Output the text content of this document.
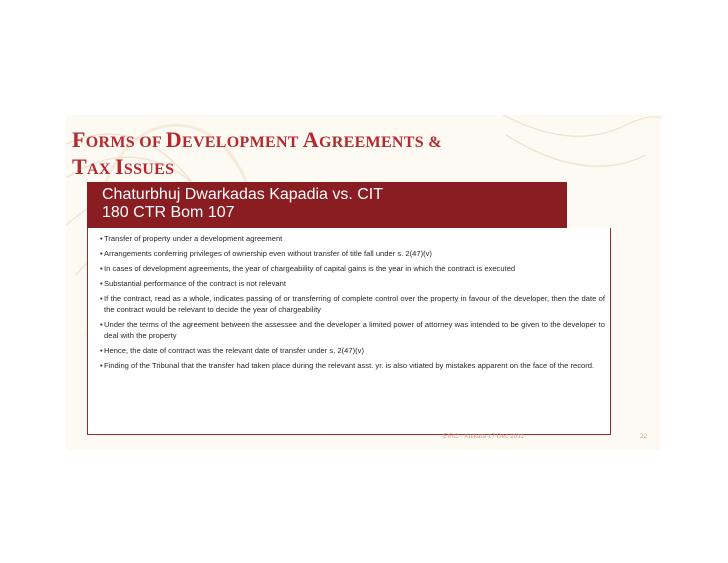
FORMS OF DEVELOPMENT AGREEMENTS &
TAX ISSUES
Chaturbhuj Dwarkadas Kapadia vs. CIT
180 CTR Bom 107
•Transfer of property under a development agreement
•Arrangements conferring privileges of ownership even without transfer of title fall under s. 2(47)(v)
•In cases of development agreements, the year of chargeability of capital gains is the year in which the contract is executed
•Substantial performance of the contract is not relevant
•If the contract, read as a whole, indicates passing of or transferring of complete control over the property in favour of the developer, then the date of the contract would be relevant to decide the year of chargeability
•Under the terms of the agreement between the assessee and the developer a limited power of attorney was intended to be given to the developer to deal with the property
•Hence, the date of contract was the relevant date of transfer under s. 2(47)(v)
•Finding of the Tribunal that the transfer had taken place during the relevant asst. yr. is also vitiated by mistakes apparent on the face of the record.
EIRC - Kolkata 17 Dec 2011	22
